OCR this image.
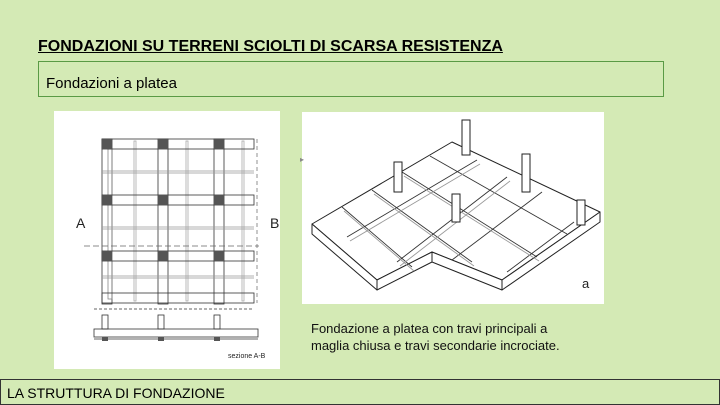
FONDAZIONI SU TERRENI SCIOLTI DI SCARSA RESISTENZA
Fondazioni a platea
A	B
sezione A-B
▸
a
Fondazione a platea con travi principali a
maglia chiusa e travi secondarie incrociate.
LA STRUTTURA DI FONDAZIONE
